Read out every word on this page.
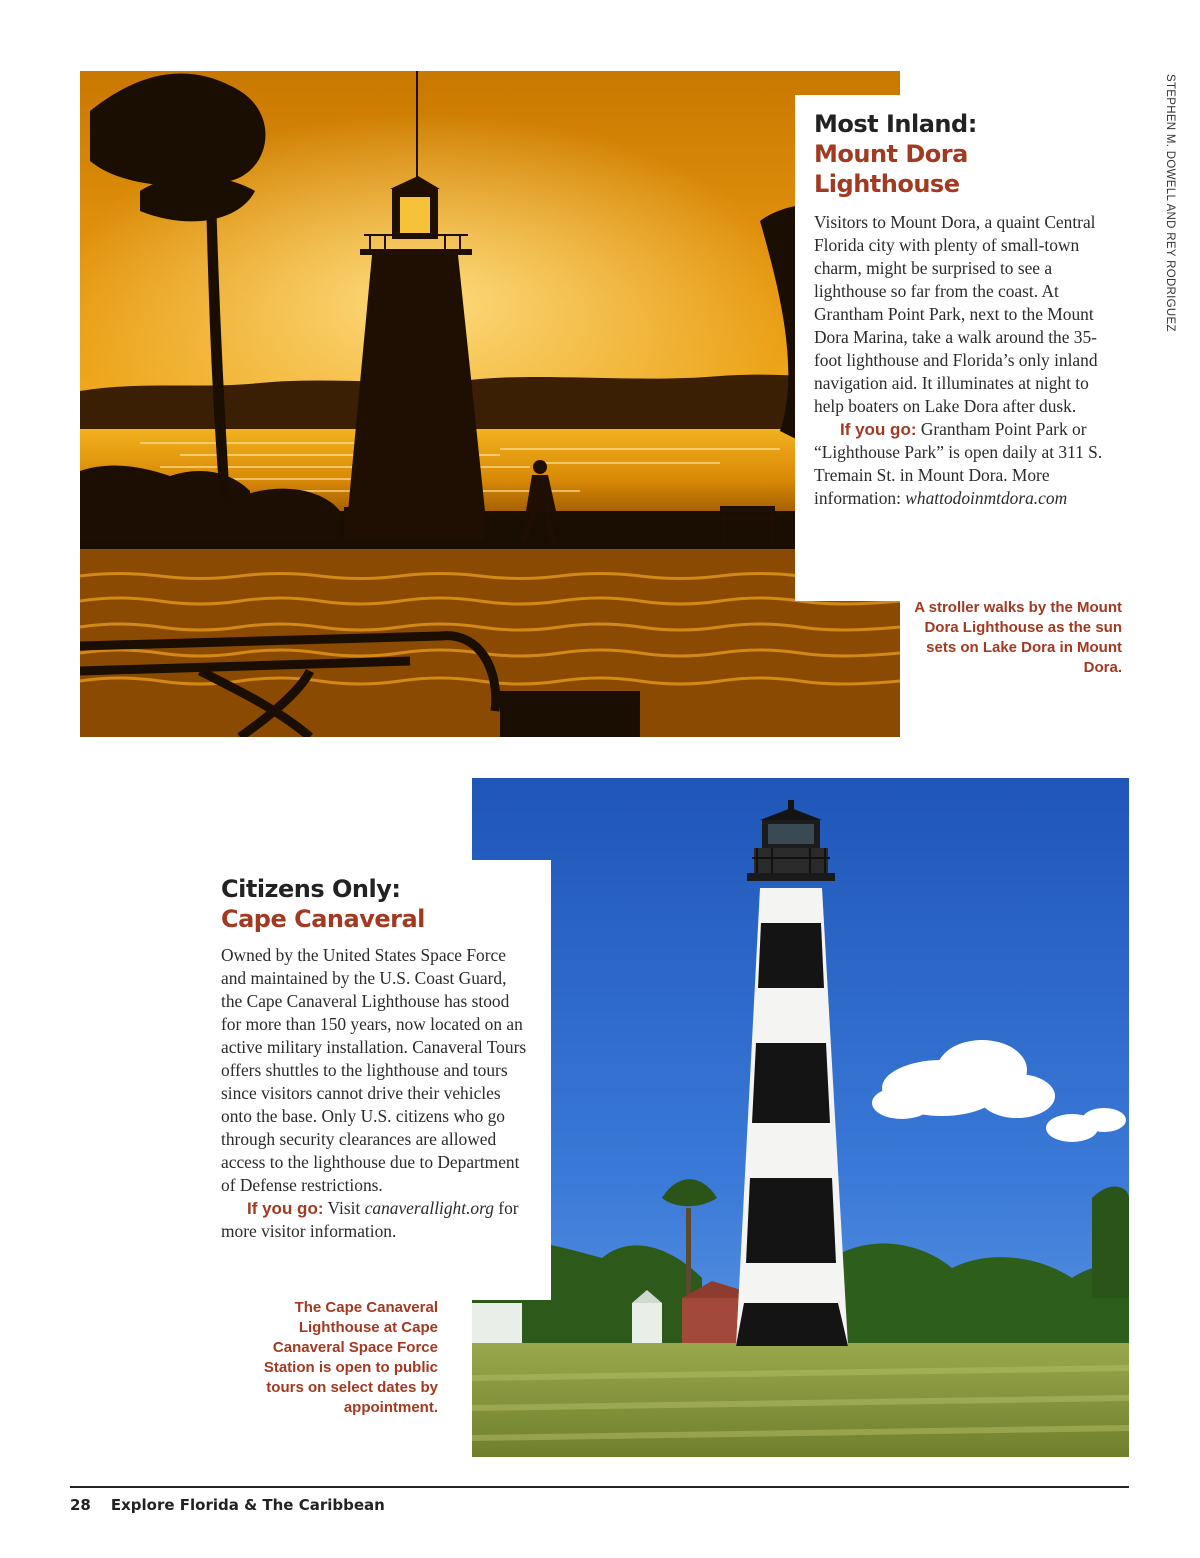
Most Inland:
Mount Dora
Lighthouse

Visitors to Mount Dora, a quaint Central Florida city with plenty of small-town charm, might be surprised to see a lighthouse so far from the coast. At Grantham Point Park, next to the Mount Dora Marina, take a walk around the 35-foot lighthouse and Florida’s only inland navigation aid. It illuminates at night to help boaters on Lake Dora after dusk.

If you go: Grantham Point Park or “Lighthouse Park” is open daily at 311 S. Tremain St. in Mount Dora. More information: whattodoinmtdora.com

A stroller walks by the Mount Dora Lighthouse as the sun sets on Lake Dora in Mount Dora.
STEPHEN M. DOWELL AND REY RODRIGUEZ
Citizens Only:
Cape Canaveral

Owned by the United States Space Force and maintained by the U.S. Coast Guard, the Cape Canaveral Lighthouse has stood for more than 150 years, now located on an active military installation. Canaveral Tours offers shuttles to the lighthouse and tours since visitors cannot drive their vehicles onto the base. Only U.S. citizens who go through security clearances are allowed access to the lighthouse due to Department of Defense restrictions.

If you go: Visit canaverallight.org for more visitor information.

The Cape Canaveral Lighthouse at Cape Canaveral Space Force Station is open to public tours on select dates by appointment.
28 Explore Florida & The Caribbean
